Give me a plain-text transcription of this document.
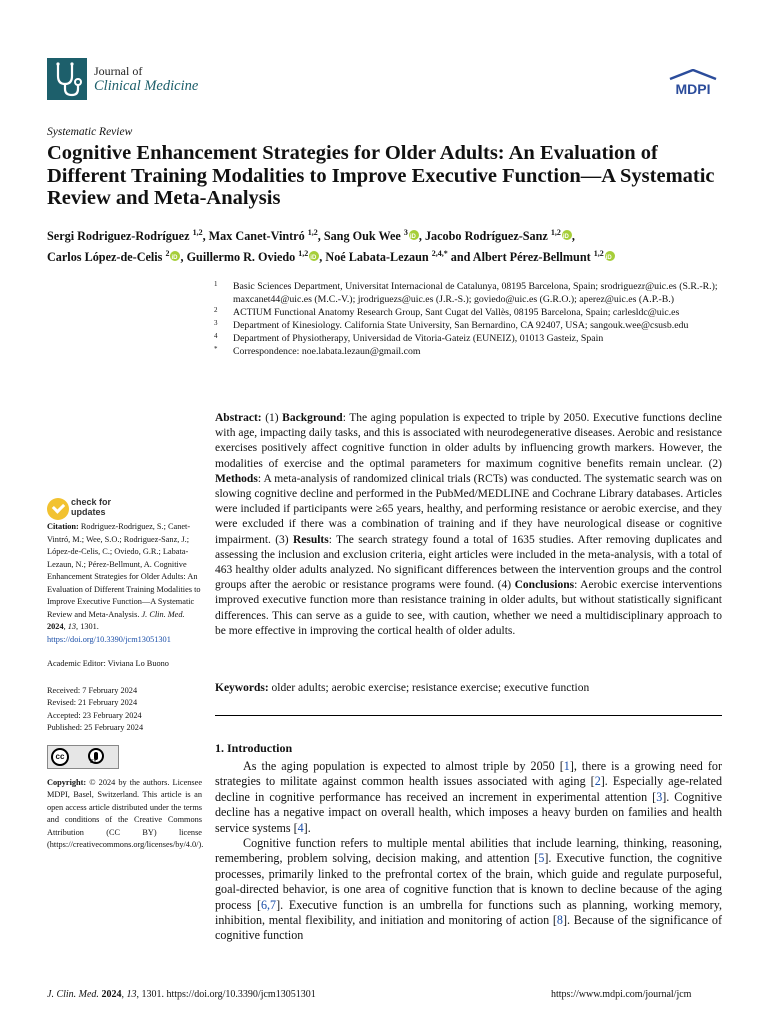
Journal of
Clinical Medicine	MDPI
Systematic Review
Cognitive Enhancement Strategies for Older Adults: An Evaluation of Different Training Modalities to Improve Executive Function—A Systematic Review and Meta-Analysis
Sergi Rodriguez-Rodríguez $^{1,2}$, Max Canet-Vintró $^{1,2}$, Sang Ouk Wee $^3$ iD , Jacobo Rodríguez-Sanz $^{1,2}$ iD ,
Carlos López-de-Celis $^2$ iD , Guillermo R. Oviedo $^{1,2}$ iD , Noé Labata-Lezaun $^{2,4,*}$ and Albert Pérez-Bellmunt $^{1,2}$iD
1 Basic Sciences Department, Universitat Internacional de Catalunya, 08195 Barcelona, Spain; srodriguezr@uic.es (S.R.-R.); maxcanet44@uic.es (M.C.-V.); jrodriguezs@uic.es (J.R.-S.); goviedo@uic.es (G.R.O.); aperez@uic.es (A.P.-B.)
2 ACTIUM Functional Anatomy Research Group, Sant Cugat del Vallès, 08195 Barcelona, Spain; carlesldc@uic.es
3 Department of Kinesiology. California State University, San Bernardino, CA 92407, USA; sangouk.wee@csusb.edu
4 Department of Physiotherapy, Universidad de Vitoria-Gateiz (EUNEIZ), 01013 Gasteiz, Spain
* Correspondence: noe.labata.lezaun@gmail.com
check for
updates

Citation: Rodriguez-Rodriguez, S.; Canet-Vintró, M.; Wee, S.O.; Rodriguez-Sanz, J.; López-de-Celis, C.; Oviedo, G.R.; Labata-Lezaun, N.; Pérez-Bellmunt, A. Cognitive Enhancement Strategies for Older Adults: An Evaluation of Different Training Modalities to Improve Executive Function—A Systematic Review and Meta-Analysis. J. Clin. Med. 2024, 13, 1301. https://doi.org/10.3390/jcm13051301

Academic Editor: Viviana Lo Buono

Received: 7 February 2024

Revised: 21 February 2024

Accepted: 23 February 2024

Published: 25 February 2024

cc
BY

Copyright: © 2024 by the authors. Licensee MDPI, Basel, Switzerland. This article is an open access article distributed under the terms and conditions of the Creative Commons Attribution (CC BY) license (https://creativecommons.org/licenses/by/4.0/).

Abstract: (1) Background: The aging population is expected to triple by 2050. Executive functions decline with age, impacting daily tasks, and this is associated with neurodegenerative diseases. Aerobic and resistance exercises positively affect cognitive function in older adults by influencing growth markers. However, the modalities of exercise and the optimal parameters for maximum cognitive benefits remain unclear. (2) Methods: A meta-analysis of randomized clinical trials (RCTs) was conducted. The systematic search was on slowing cognitive decline and performed in the PubMed/MEDLINE and Cochrane Library databases. Articles were included if participants were ≥65 years, healthy, and performing resistance or aerobic exercise, and they were excluded if there was a combination of training and if they have neurological disease or cognitive impairment. (3) Results: The search strategy found a total of 1635 studies. After removing duplicates and assessing the inclusion and exclusion criteria, eight articles were included in the meta-analysis, with a total of 463 healthy older adults analyzed. No significant differences between the intervention groups and the control groups after the aerobic or resistance programs were found. (4) Conclusions: Aerobic exercise interventions improved executive function more than resistance training in older adults, but without statistically significant differences. This can serve as a guide to see, with caution, whether we need a multidisciplinary approach to be more effective in improving the cortical health of older adults.
Keywords: older adults; aerobic exercise; resistance exercise; executive function
1. Introduction

As the aging population is expected to almost triple by 2050 [1], there is a growing need for strategies to militate against common health issues associated with aging [2]. Especially age-related decline in cognitive performance has received an increment in experimental attention [3]. Cognitive decline has a negative impact on overall health, which imposes a heavy burden on families and health service systems [4].

Cognitive function refers to multiple mental abilities that include learning, thinking, reasoning, remembering, problem solving, decision making, and attention [5]. Executive function, the cognitive processes, primarily linked to the prefrontal cortex of the brain, which guide and regulate purposeful, goal-directed behavior, is one area of cognitive function that is known to decline because of the aging process [6,7]. Executive function is an umbrella for functions such as planning, working memory, inhibition, mental flexibility, and initiation and monitoring of action [8]. Because of the significance of cognitive function

J. Clin. Med. 2024, 13, 1301. https://doi.org/10.3390/jcm13051301	https://www.mdpi.com/journal/jcm
